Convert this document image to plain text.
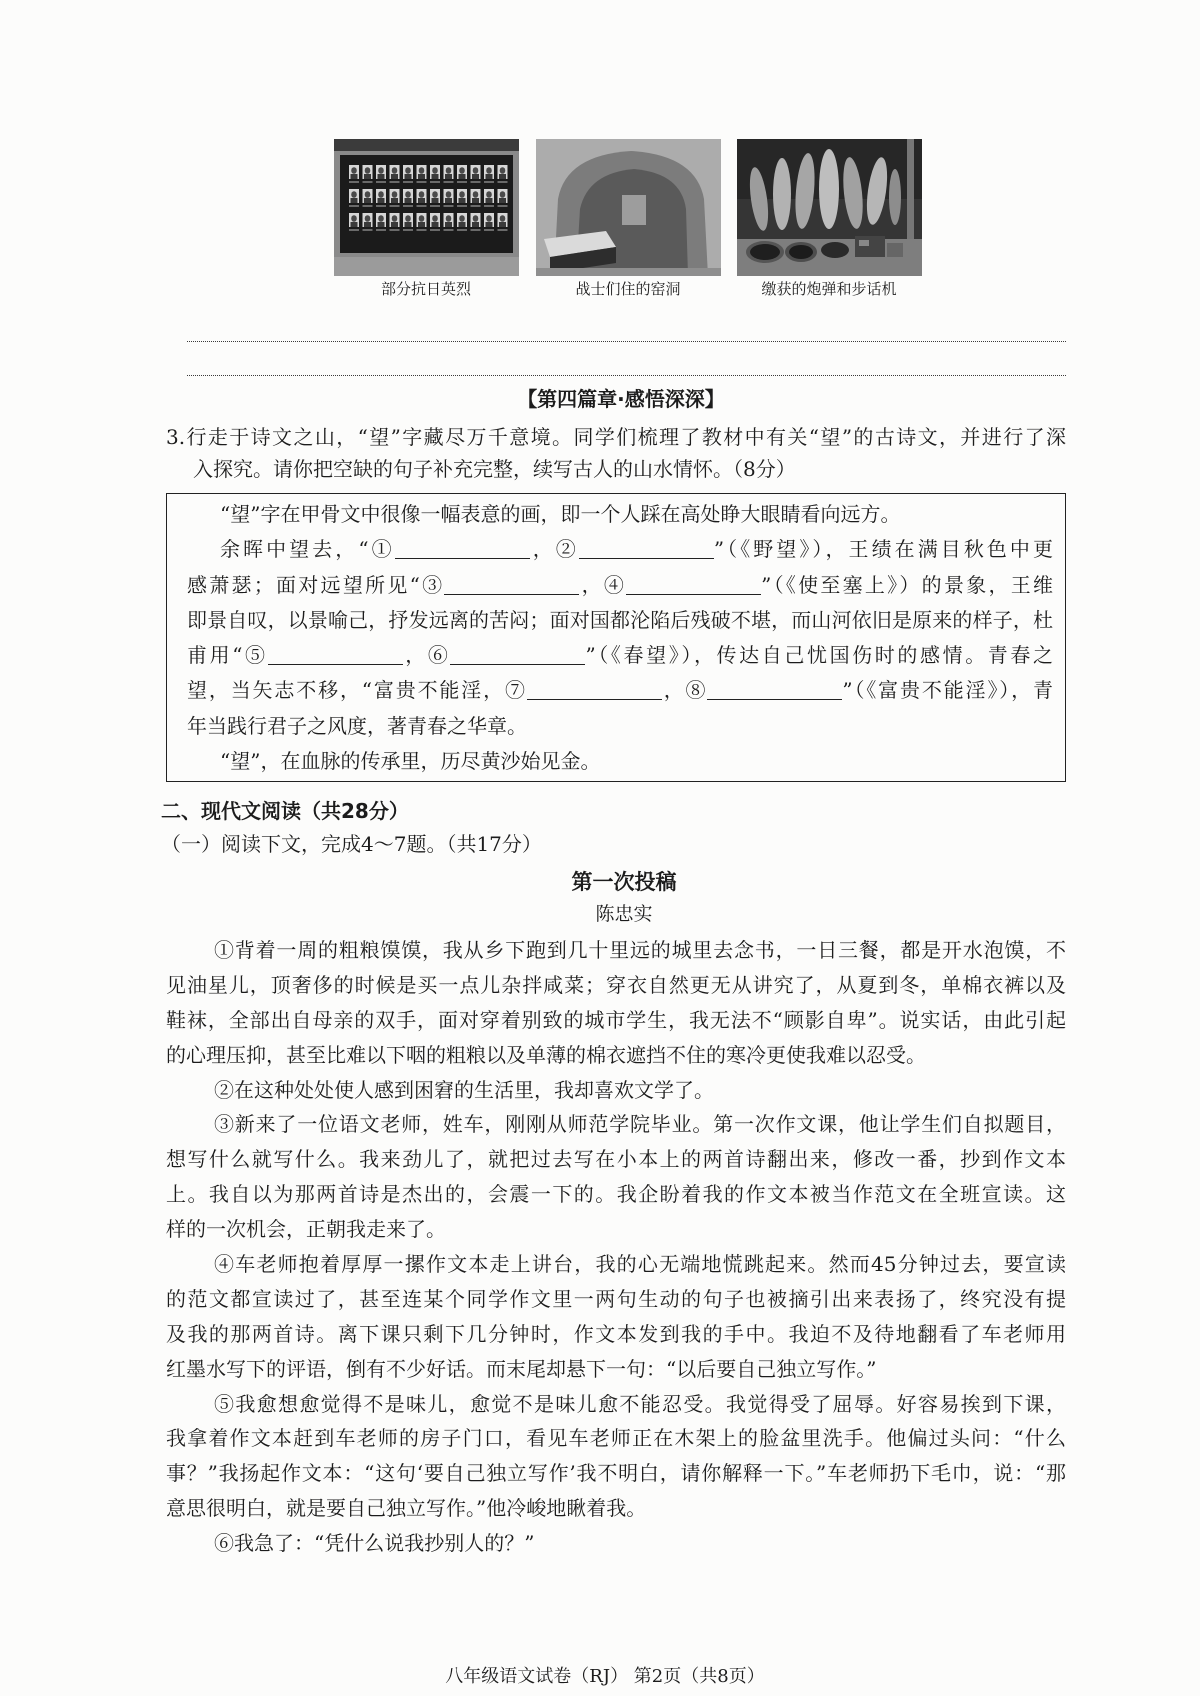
部分抗日英烈	战士们住的窑洞	缴获的炮弹和步话机
【第四篇章·感悟深深】
3.行走于诗文之山，“望”字藏尽万千意境。同学们梳理了教材中有关“望”的古诗文，并进行了深
入探究。请你把空缺的句子补充完整，续写古人的山水情怀。（8分）
“望”字在甲骨文中很像一幅表意的画，即一个人踩在高处睁大眼睛看向远方。
余晖中望去，“①	，②	”（《野望》），王绩在满目秋色中更
感萧瑟；面对远望所见“③	，④	”（《使至塞上》）的景象，王维
即景自叹，以景喻己，抒发远离的苦闷；面对国都沦陷后残破不堪，而山河依旧是原来的样子，杜
甫用“⑤	，⑥	”（《春望》），传达自己忧国伤时的感情。青春之
望，当矢志不移，“富贵不能淫，⑦	，⑧	”（《富贵不能淫》），青
年当践行君子之风度，著青春之华章。
“望”，在血脉的传承里，历尽黄沙始见金。
二、现代文阅读（共28分）
（一）阅读下文，完成4～7题。（共17分）
第一次投稿
陈忠实
①背着一周的粗粮馍馍，我从乡下跑到几十里远的城里去念书，一日三餐，都是开水泡馍，不
见油星儿，顶奢侈的时候是买一点儿杂拌咸菜；穿衣自然更无从讲究了，从夏到冬，单棉衣裤以及
鞋袜，全部出自母亲的双手，面对穿着别致的城市学生，我无法不“顾影自卑”。说实话，由此引起
的心理压抑，甚至比难以下咽的粗粮以及单薄的棉衣遮挡不住的寒冷更使我难以忍受。
②在这种处处使人感到困窘的生活里，我却喜欢文学了。
③新来了一位语文老师，姓车，刚刚从师范学院毕业。第一次作文课，他让学生们自拟题目，
想写什么就写什么。我来劲儿了，就把过去写在小本上的两首诗翻出来，修改一番，抄到作文本
上。我自以为那两首诗是杰出的，会震一下的。我企盼着我的作文本被当作范文在全班宣读。这
样的一次机会，正朝我走来了。
④车老师抱着厚厚一摞作文本走上讲台，我的心无端地慌跳起来。然而45分钟过去，要宣读
的范文都宣读过了，甚至连某个同学作文里一两句生动的句子也被摘引出来表扬了，终究没有提
及我的那两首诗。离下课只剩下几分钟时，作文本发到我的手中。我迫不及待地翻看了车老师用
红墨水写下的评语，倒有不少好话。而末尾却悬下一句：“以后要自己独立写作。”
⑤我愈想愈觉得不是味儿，愈觉不是味儿愈不能忍受。我觉得受了屈辱。好容易挨到下课，
我拿着作文本赶到车老师的房子门口，看见车老师正在木架上的脸盆里洗手。他偏过头问：“什么
事？”我扬起作文本：“这句‘要自己独立写作’我不明白，请你解释一下。”车老师扔下毛巾，说：“那
意思很明白，就是要自己独立写作。”他冷峻地瞅着我。
⑥我急了：“凭什么说我抄别人的？”
八年级语文试卷（RJ） 第2页（共8页）
